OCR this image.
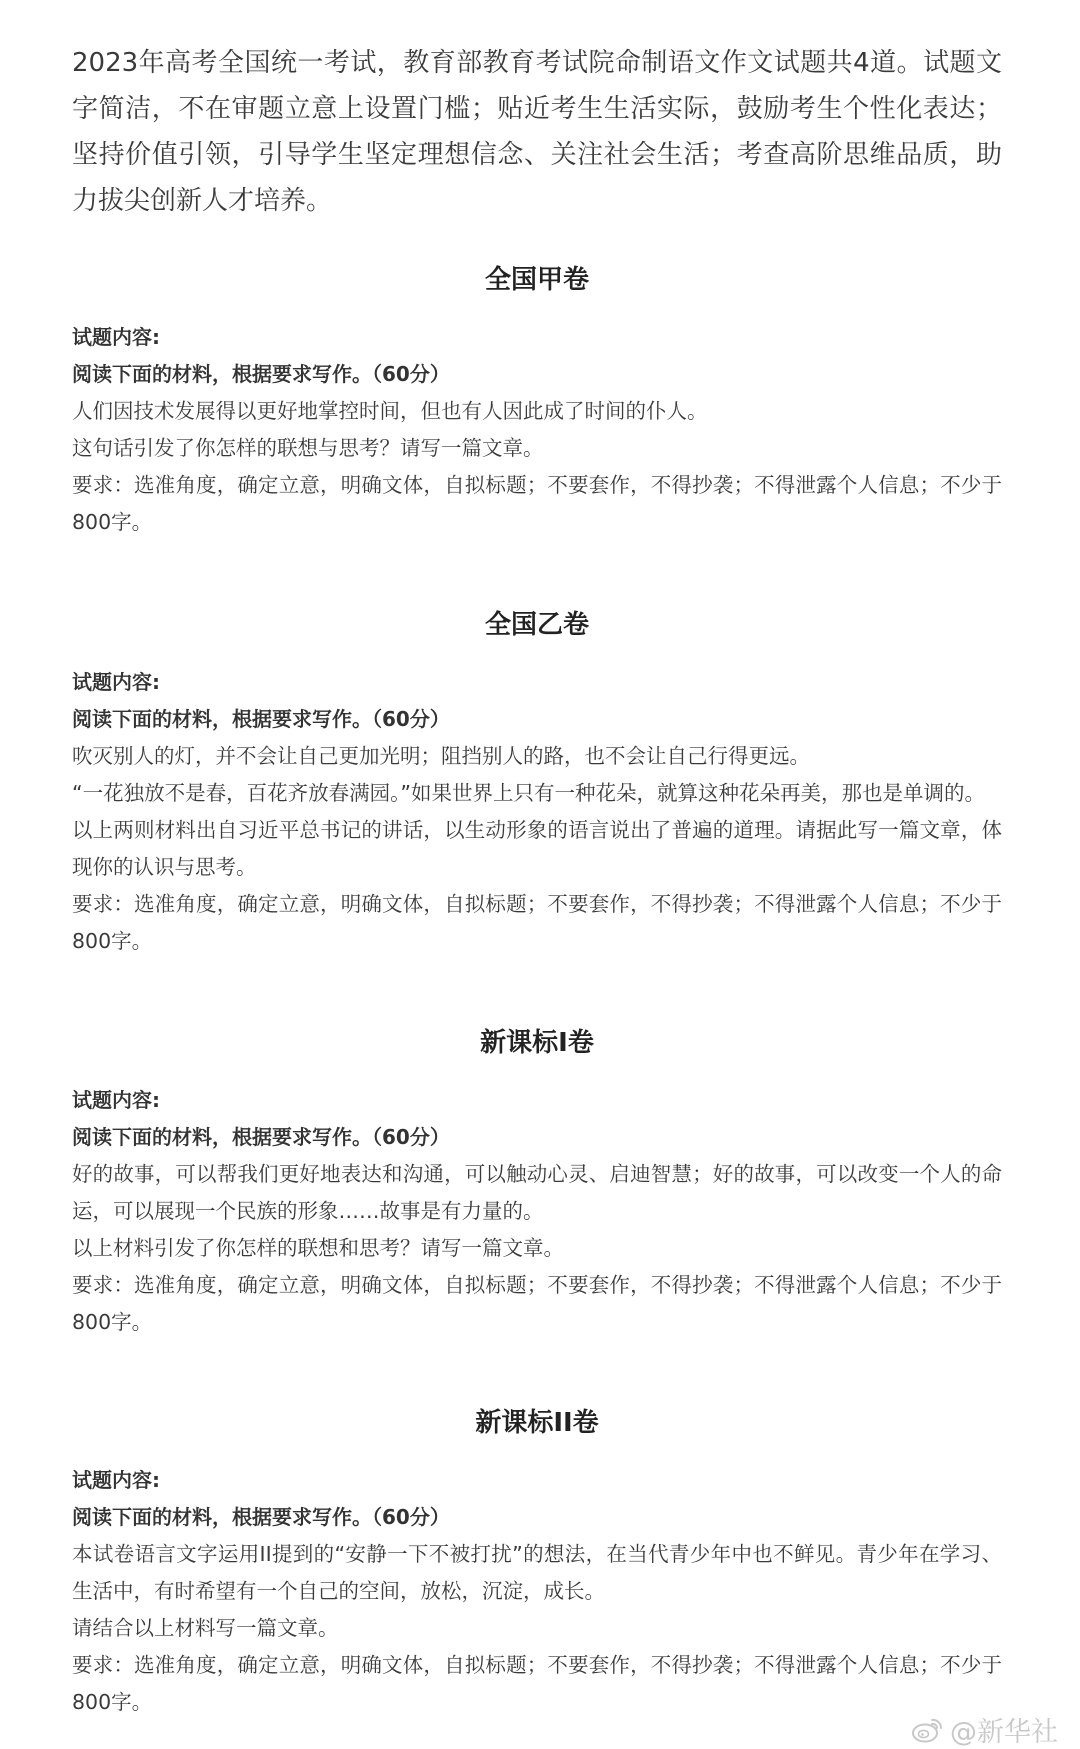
2023年高考全国统一考试，教育部教育考试院命制语文作文试题共4道。试题文字简洁，不在审题立意上设置门槛；贴近考生生活实际，鼓励考生个性化表达；坚持价值引领，引导学生坚定理想信念、关注社会生活；考查高阶思维品质，助力拔尖创新人才培养。

全国甲卷

试题内容:

阅读下面的材料，根据要求写作。（60分）

人们因技术发展得以更好地掌控时间，但也有人因此成了时间的仆人。

这句话引发了你怎样的联想与思考？请写一篇文章。

要求：选准角度，确定立意，明确文体，自拟标题；不要套作，不得抄袭；不得泄露个人信息；不少于800字。

全国乙卷

试题内容:

阅读下面的材料，根据要求写作。（60分）

吹灭别人的灯，并不会让自己更加光明；阻挡别人的路，也不会让自己行得更远。

“一花独放不是春，百花齐放春满园。”如果世界上只有一种花朵，就算这种花朵再美，那也是单调的。

以上两则材料出自习近平总书记的讲话，以生动形象的语言说出了普遍的道理。请据此写一篇文章，体现你的认识与思考。

要求：选准角度，确定立意，明确文体，自拟标题；不要套作，不得抄袭；不得泄露个人信息；不少于800字。

新课标I卷

试题内容:

阅读下面的材料，根据要求写作。（60分）

好的故事，可以帮我们更好地表达和沟通，可以触动心灵、启迪智慧；好的故事，可以改变一个人的命运，可以展现一个民族的形象……故事是有力量的。

以上材料引发了你怎样的联想和思考？请写一篇文章。

要求：选准角度，确定立意，明确文体，自拟标题；不要套作，不得抄袭；不得泄露个人信息；不少于800字。

新课标II卷

试题内容:

阅读下面的材料，根据要求写作。（60分）

本试卷语言文字运用II提到的“安静一下不被打扰”的想法，在当代青少年中也不鲜见。青少年在学习、生活中，有时希望有一个自己的空间，放松，沉淀，成长。

请结合以上材料写一篇文章。

要求：选准角度，确定立意，明确文体，自拟标题；不要套作，不得抄袭；不得泄露个人信息；不少于800字。

@新华社
